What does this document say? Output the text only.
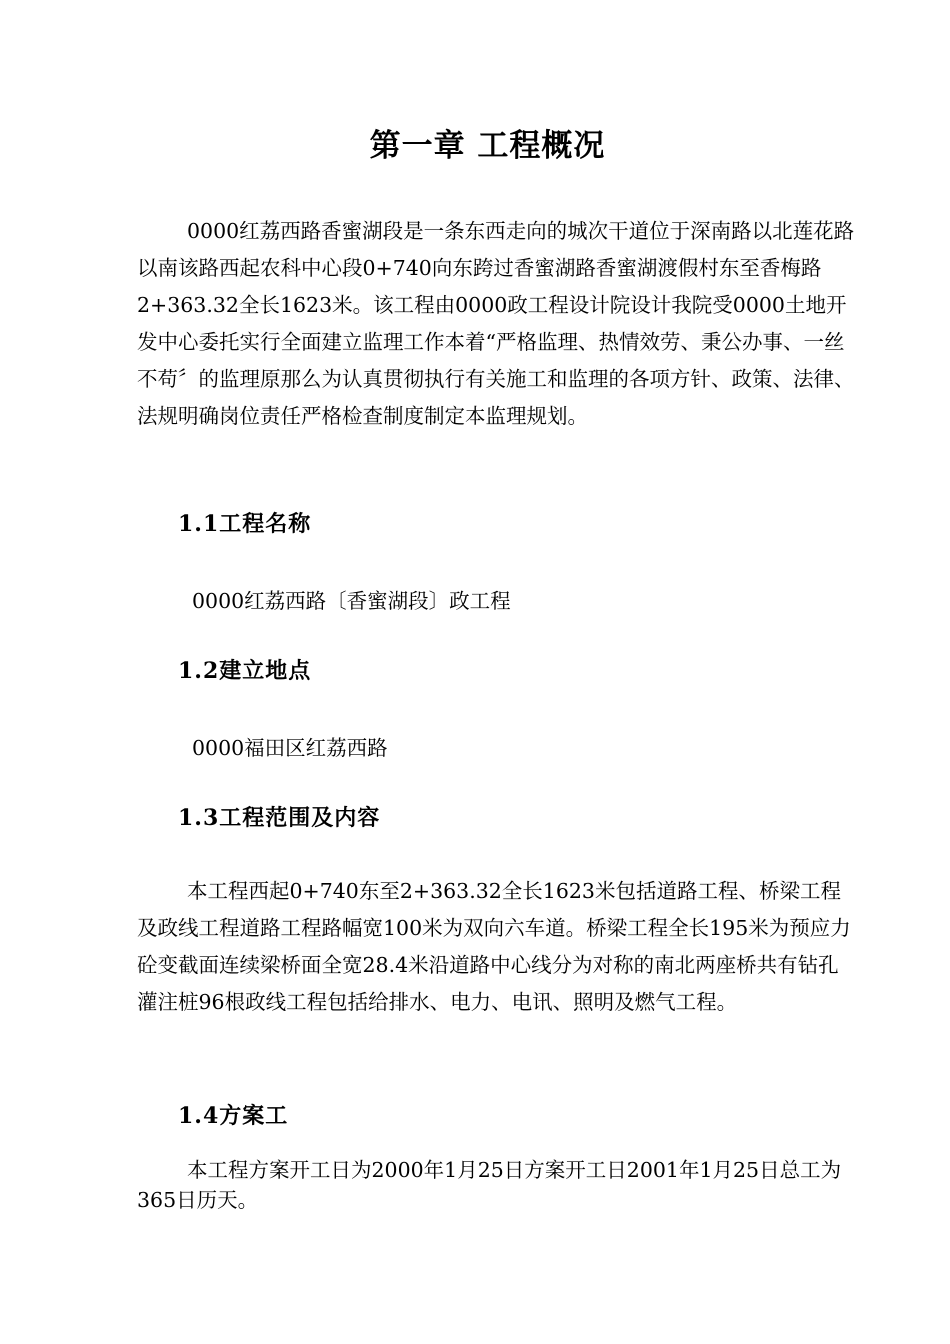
第一章 工程概况

0000红荔西路香蜜湖段是一条东西走向的城次干道位于深南路以北莲花路以南该路西起农科中心段0+740向东跨过香蜜湖路香蜜湖渡假村东至香梅路2+363.32全长1623米。该工程由0000政工程设计院设计我院受0000土地开发中心委托实行全面建立监理工作本着“严格监理、热情效劳、秉公办事、一丝不苟〞的监理原那么为认真贯彻执行有关施工和监理的各项方针、政策、法律、法规明确岗位责任严格检查制度制定本监理规划。

1.1工程名称

0000红荔西路〔香蜜湖段〕政工程

1.2建立地点

0000福田区红荔西路

1.3工程范围及内容

本工程西起0+740东至2+363.32全长1623米包括道路工程、桥梁工程及政线工程道路工程路幅宽100米为双向六车道。桥梁工程全长195米为预应力砼变截面连续梁桥面全宽28.4米沿道路中心线分为对称的南北两座桥共有钻孔灌注桩96根政线工程包括给排水、电力、电讯、照明及燃气工程。

1.4方案工

本工程方案开工日为2000年1月25日方案开工日2001年1月25日总工为365日历天。
